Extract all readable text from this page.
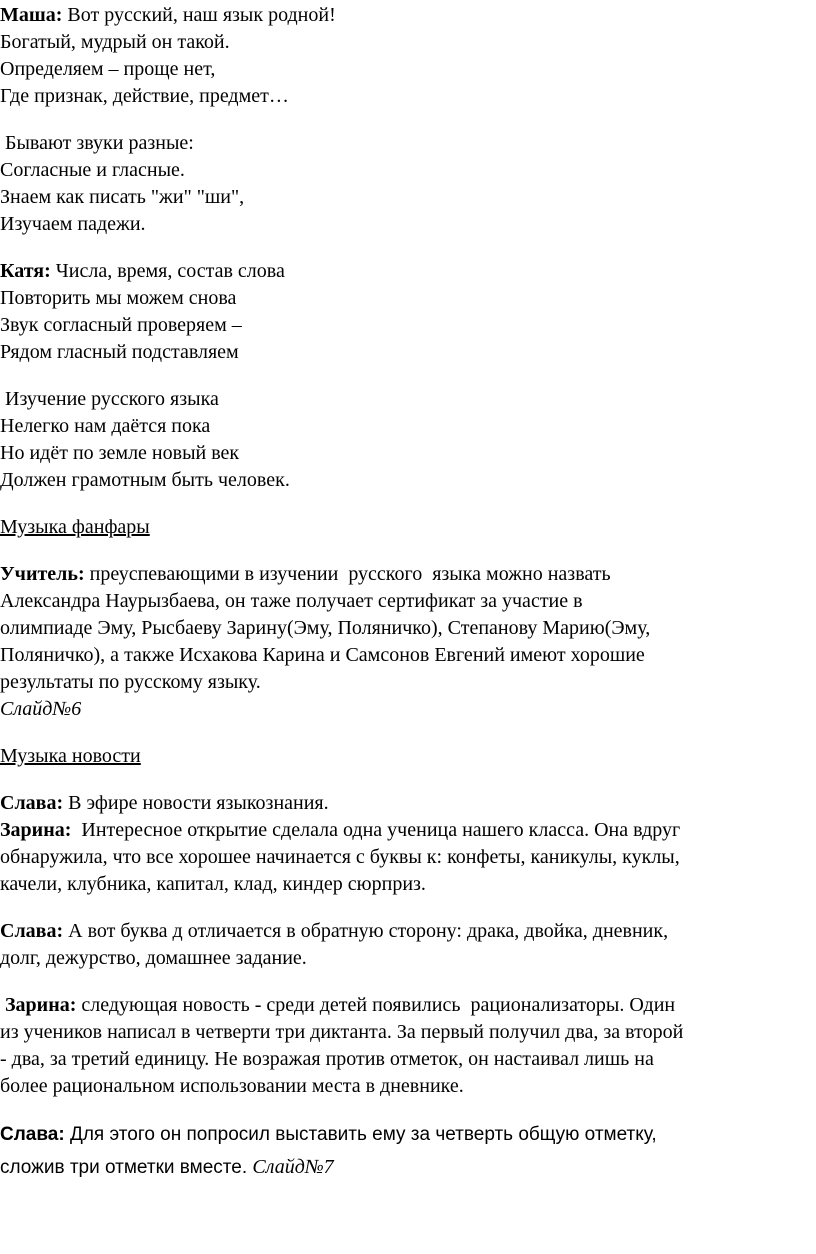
Маша: Вот русский, наш язык родной!

Богатый, мудрый он такой.

Определяем – проще нет,

Где признак, действие, предмет…

Бывают звуки разные:

Согласные и гласные.

Знаем как писать "жи" "ши",

Изучаем падежи.

Катя: Числа, время, состав слова

Повторить мы можем снова

Звук согласный проверяем –

Рядом гласный подставляем

Изучение русского языка

Нелегко нам даётся пока

Но идёт по земле новый век

Должен грамотным быть человек.

Музыка фанфары

Учитель: преуспевающими в изучении  русского  языка можно назвать

Александра Наурызбаева, он таже получает сертификат за участие в

олимпиаде Эму, Рысбаеву Зарину(Эму, Поляничко), Степанову Марию(Эму,

Поляничко), а также Исхакова Карина и Самсонов Евгений имеют хорошие

результаты по русскому языку.

Слайд№6

Музыка новости

Слава: В эфире новости языкознания.

Зарина:  Интересное открытие сделала одна ученица нашего класса. Она вдруг

обнаружила, что все хорошее начинается с буквы к: конфеты, каникулы, куклы,

качели, клубника, капитал, клад, киндер сюрприз.

Слава: А вот буква д отличается в обратную сторону: драка, двойка, дневник,

долг, дежурство, домашнее задание.

Зарина: следующая новость - среди детей появились  рационализаторы. Один

из учеников написал в четверти три диктанта. За первый получил два, за второй

- два, за третий единицу. Не возражая против отметок, он настаивал лишь на

более рациональном использовании места в дневнике.

Слава: Для этого он попросил выставить ему за четверть общую отметку,

сложив три отметки вместе. Слайд№7
